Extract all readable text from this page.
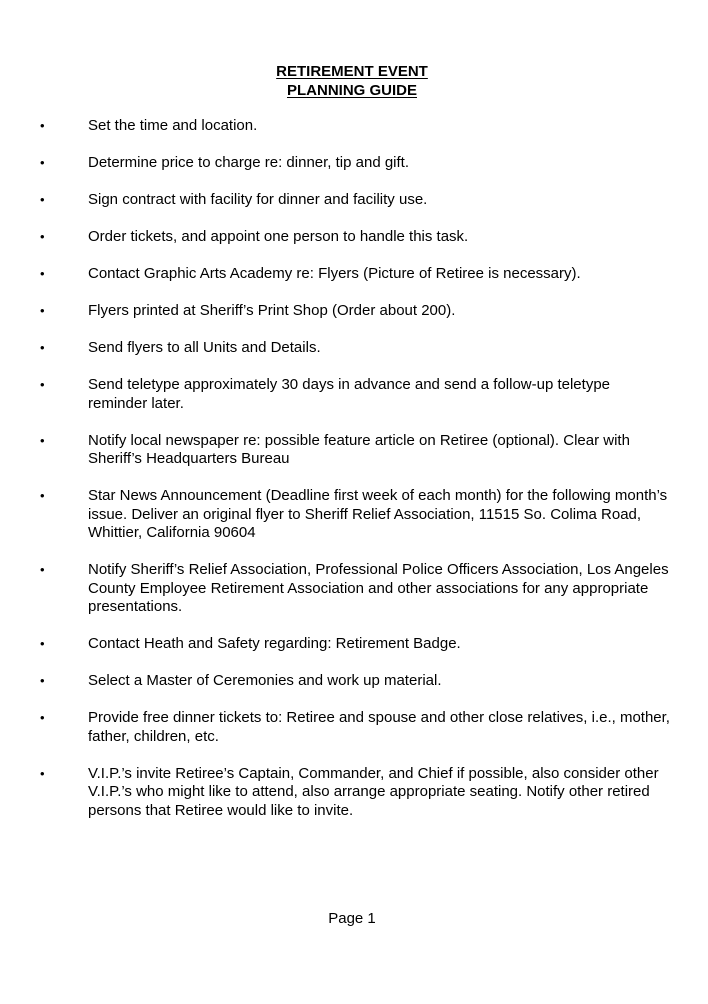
RETIREMENT EVENT
PLANNING GUIDE
•	Set the time and location.
•	Determine price to charge re: dinner, tip and gift.
•	Sign contract with facility for dinner and facility use.
•	Order tickets, and appoint one person to handle this task.
•	Contact Graphic Arts Academy re: Flyers (Picture of Retiree is necessary).
•	Flyers printed at Sheriff’s Print Shop (Order about 200).
•	Send flyers to all Units and Details.
•	Send teletype approximately 30 days in advance and send a follow-up teletype reminder later.
•	Notify local newspaper re: possible feature article on Retiree (optional). Clear with Sheriff’s Headquarters Bureau
•	Star News Announcement (Deadline first week of each month) for the following month’s issue. Deliver an original flyer to Sheriff Relief Association, 11515 So. Colima Road, Whittier, California 90604
•	Notify Sheriff’s Relief Association, Professional Police Officers Association, Los Angeles County Employee Retirement Association and other associations for any appropriate presentations.
•	Contact Heath and Safety regarding: Retirement Badge.
•	Select a Master of Ceremonies and work up material.
•	Provide free dinner tickets to: Retiree and spouse and other close relatives, i.e., mother, father, children, etc.
•	V.I.P.’s invite Retiree’s Captain, Commander, and Chief if possible, also consider other V.I.P.’s who might like to attend, also arrange appropriate seating. Notify other retired persons that Retiree would like to invite.
Page 1
